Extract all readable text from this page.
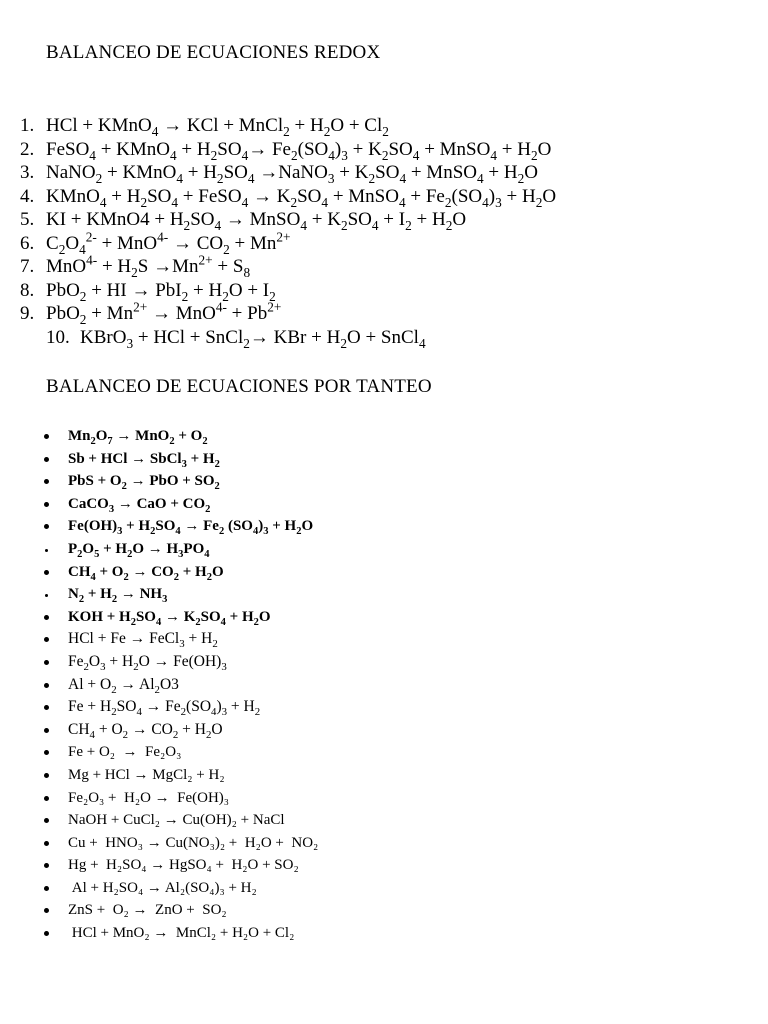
BALANCEO DE ECUACIONES REDOX
1. HCl + KMnO$_4$ → KCl + MnCl$_2$ + $H_2O + Cl_2$
2. FeSO$_4$ + KMnO$_4$ + $H_2SO_4\to Fe_2(SO_4)_3 + K_2SO_4$ + MnSO$_4$ + $H_2O$
3. NaNO$_2$ + KMnO$_4$ + $H_2SO_4$ →NaNO$_3$ + $K_2SO_4$ + MnSO$_4$ + $H_2O$
4. KMnO$_4$ + $H_2SO_4$ + FeSO$_4$ → $K_2SO_4$ + MnSO$_4$ + $Fe_2(SO_4)_3 + H_2O$
5. KI + KMnO4 + $H_2SO_4$ → MnSO$_4$ + $K_2SO_4 + I_2 + H_2O$
6. $C_2O_4^{2-} + MnO^{4-} \to CO_2 + Mn^{2+}$
7. $MnO^{4-} + H_2S \to Mn^{2+} + S_8$
8. PbO$_2$ + HI → $PbI_2 + H_2O + I_2$
9. $PbO_2 + Mn^{2+} \to MnO^{4-} + Pb^{2+}$
10. KBrO$_3$ + HCl + SnCl$_2$→ KBr + $H_2O$ + SnCl$_4$
BALANCEO DE ECUACIONES POR TANTEO
$Mn_2O_7 \to MnO_2 + O_2$
Sb + HCl → SbCl$_3$ + $H_2$
PbS + $O_2$ → PbO + $SO_2$
CaCO$_3$ → CaO + $CO_2$
$Fe(OH)_3 + H_2SO_4 \to Fe_2$ $(SO_4)_3 + H_2O$
$P_2O_5 + H_2O \to H_3PO_4$
$CH_4 + O_2 \to CO_2 + H_2O$
$N_2 + H_2 \to NH_3$
KOH + $H_2SO_4 \to K_2SO_4 + H_2O$
HCl + Fe → FeCl$_3$ + $H_2$
$Fe_2O_3 + H_2O \to Fe(OH)_3$
$Al + O_2 \to Al_2O3$
$Fe + H_2SO_4 \to Fe_2(SO_4)_3 + H_2$
$CH_4 + O_2 \to CO_2 + H_2O$
Fe + O₂  →  Fe₂O₃
Mg + HCl → MgCl₂ + H₂
Fe₂O₃ +  H₂O →  Fe(OH)₃
NaOH + CuCl₂ → Cu(OH)₂ + NaCl
Cu +  HNO₃ → Cu(NO₃)₂ +  H₂O +  NO₂
Hg +  H₂SO₄ → HgSO₄ +  H₂O + SO₂
Al + H₂SO₄ → Al₂(SO₄)₃ + H₂
ZnS +  O₂ →  ZnO +  SO₂
HCl + MnO₂ →  MnCl₂ + H₂O + Cl₂
